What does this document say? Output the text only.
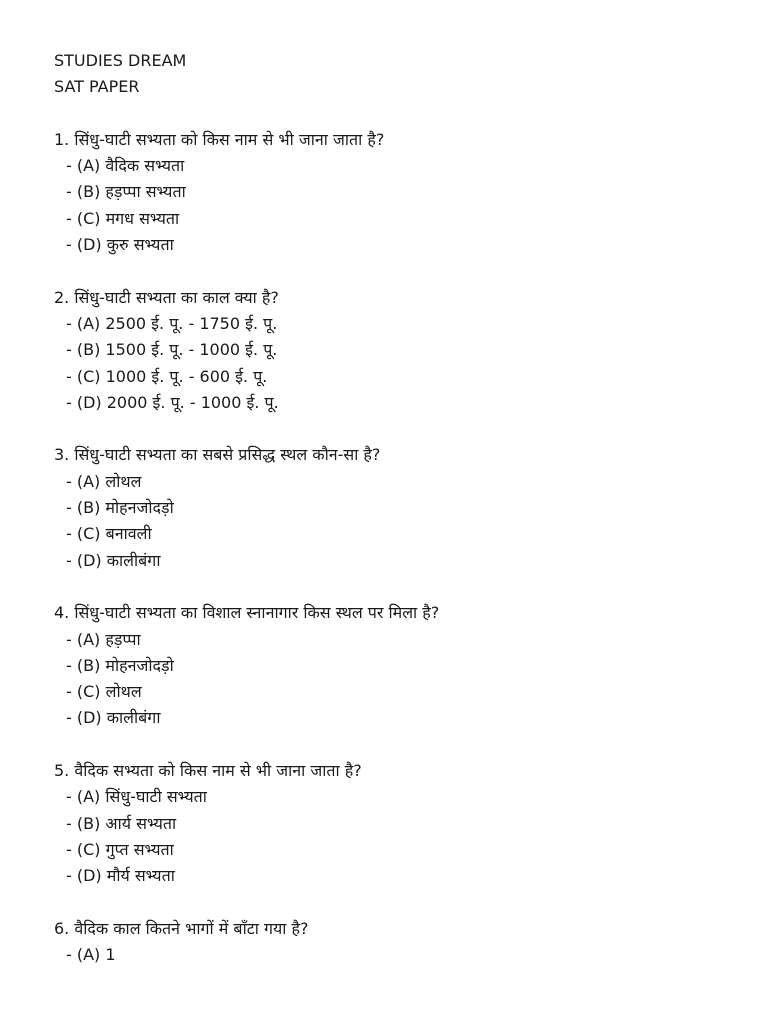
STUDIES DREAM
SAT PAPER
1. सिंधु-घाटी सभ्यता को किस नाम से भी जाना जाता है?
- (A) वैदिक सभ्यता
- (B) हड़प्पा सभ्यता
- (C) मगध सभ्यता
- (D) कुरु सभ्यता
2. सिंधु-घाटी सभ्यता का काल क्या है?
- (A) 2500 ई. पू. - 1750 ई. पू.
- (B) 1500 ई. पू. - 1000 ई. पू.
- (C) 1000 ई. पू. - 600 ई. पू.
- (D) 2000 ई. पू. - 1000 ई. पू.
3. सिंधु-घाटी सभ्यता का सबसे प्रसिद्ध स्थल कौन-सा है?
- (A) लोथल
- (B) मोहनजोदड़ो
- (C) बनावली
- (D) कालीबंगा
4. सिंधु-घाटी सभ्यता का विशाल स्नानागार किस स्थल पर मिला है?
- (A) हड़प्पा
- (B) मोहनजोदड़ो
- (C) लोथल
- (D) कालीबंगा
5. वैदिक सभ्यता को किस नाम से भी जाना जाता है?
- (A) सिंधु-घाटी सभ्यता
- (B) आर्य सभ्यता
- (C) गुप्त सभ्यता
- (D) मौर्य सभ्यता
6. वैदिक काल कितने भागों में बाँटा गया है?
- (A) 1
